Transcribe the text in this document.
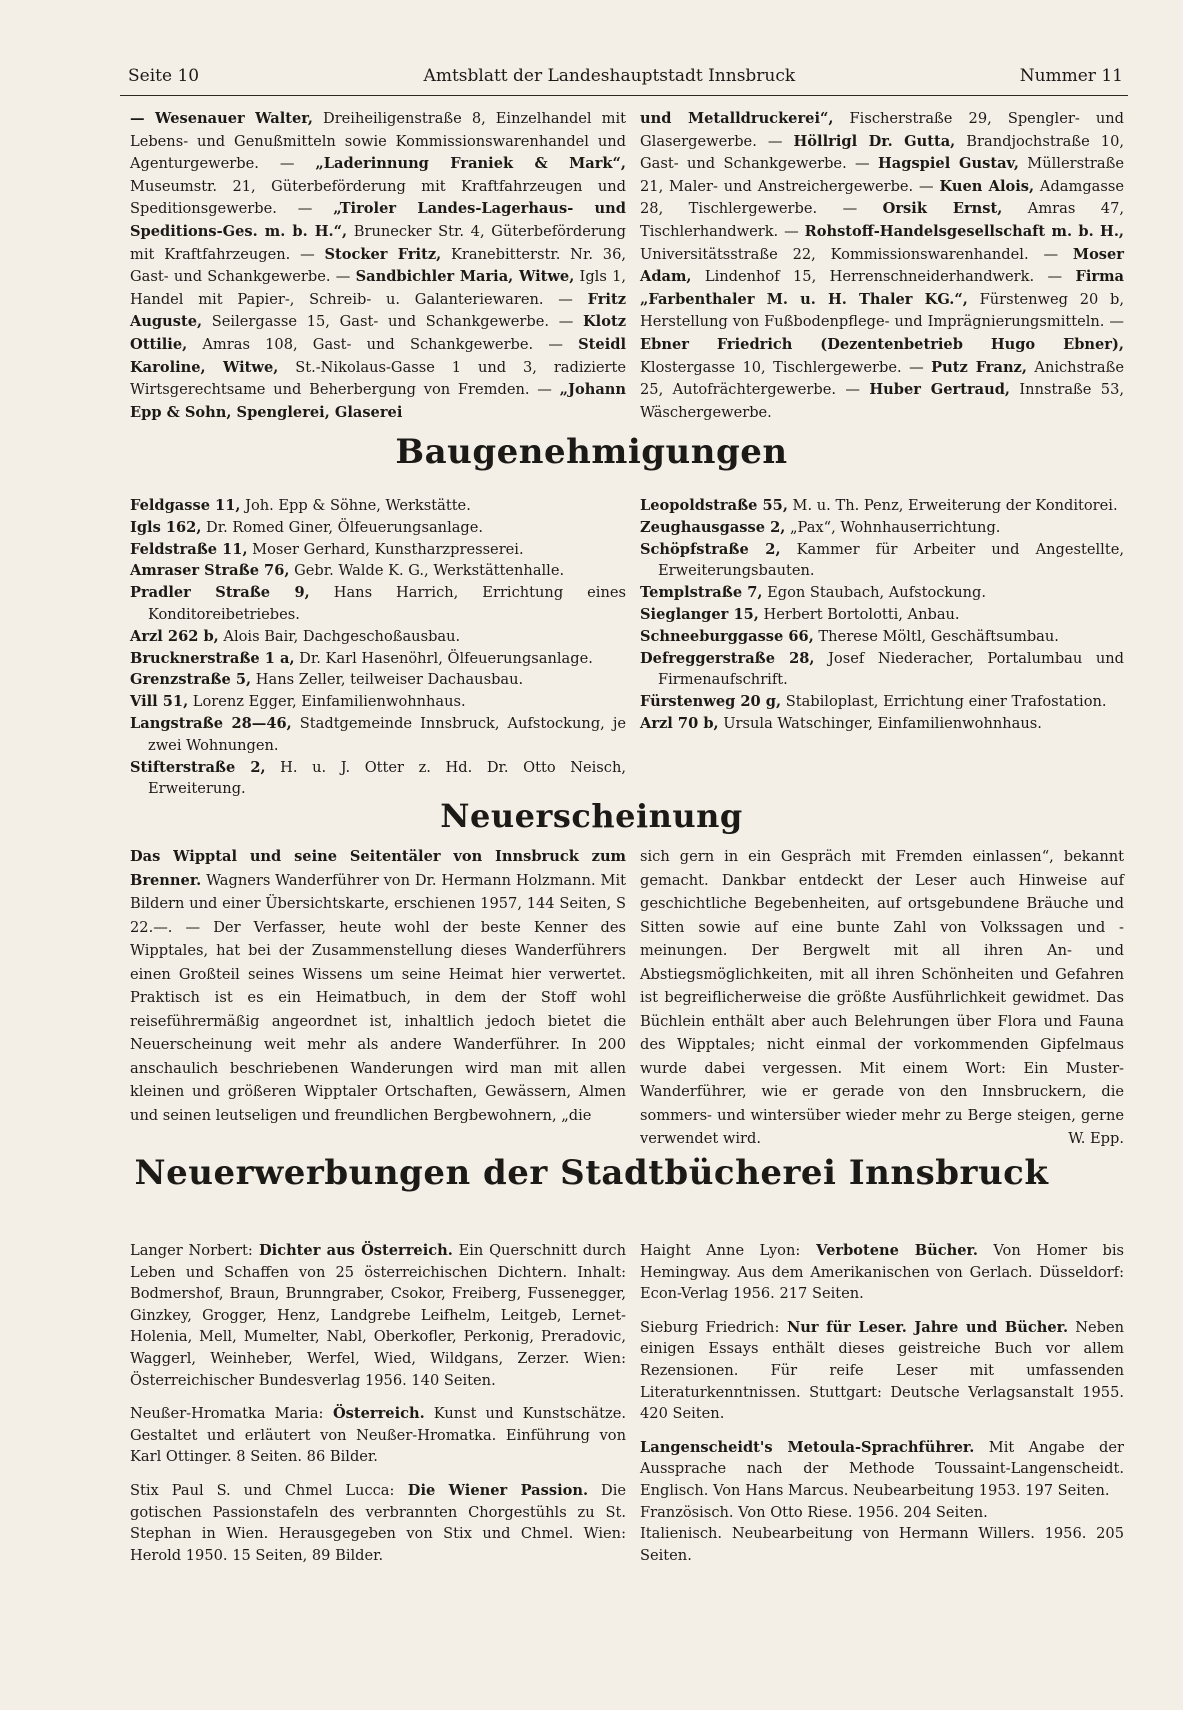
Seite 10	Amtsblatt der Landeshauptstadt Innsbruck	Nummer 11

— Wesenauer Walter, Dreiheiligenstraße 8, Einzelhandel mit Lebens- und Genußmitteln sowie Kommissionswarenhandel und Agenturgewerbe. — „Laderinnung Franiek & Mark“, Museumstr. 21, Güterbeförderung mit Kraftfahrzeugen und Speditionsgewerbe. — „Tiroler Landes-Lagerhaus- und Speditions-Ges. m. b. H.“, Brunecker Str. 4, Güterbeförderung mit Kraftfahrzeugen. — Stocker Fritz, Kranebitterstr. Nr. 36, Gast- und Schankgewerbe. — Sandbichler Maria, Witwe, Igls 1, Handel mit Papier-, Schreib- u. Galanteriewaren. — Fritz Auguste, Seilergasse 15, Gast- und Schankgewerbe. — Klotz Ottilie, Amras 108, Gast- und Schankgewerbe. — Steidl Karoline, Witwe, St.-Nikolaus-Gasse 1 und 3, radizierte Wirtsgerechtsame und Beherbergung von Fremden. — „Johann Epp & Sohn, Spenglerei, Glaserei

und Metalldruckerei“, Fischerstraße 29, Spengler- und Glasergewerbe. — Höllrigl Dr. Gutta, Brandjochstraße 10, Gast- und Schankgewerbe. — Hagspiel Gustav, Müllerstraße 21, Maler- und Anstreichergewerbe. — Kuen Alois, Adamgasse 28, Tischlergewerbe. — Orsik Ernst, Amras 47, Tischlerhandwerk. — Rohstoff-Handelsgesellschaft m. b. H., Universitätsstraße 22, Kommissionswarenhandel. — Moser Adam, Lindenhof 15, Herrenschneiderhandwerk. — Firma „Farbenthaler M. u. H. Thaler KG.“, Fürstenweg 20 b, Herstellung von Fußbodenpflege- und Imprägnierungsmitteln. — Ebner Friedrich (Dezentenbetrieb Hugo Ebner), Klostergasse 10, Tischlergewerbe. — Putz Franz, Anichstraße 25, Autofrächtergewerbe. — Huber Gertraud, Innstraße 53, Wäschergewerbe.

Baugenehmigungen

Feldgasse 11, Joh. Epp & Söhne, Werkstätte.

Igls 162, Dr. Romed Giner, Ölfeuerungsanlage.

Feldstraße 11, Moser Gerhard, Kunstharzpresserei.

Amraser Straße 76, Gebr. Walde K. G., Werkstättenhalle.

Pradler Straße 9, Hans Harrich, Errichtung eines Konditoreibetriebes.

Arzl 262 b, Alois Bair, Dachgeschoßausbau.

Brucknerstraße 1 a, Dr. Karl Hasenöhrl, Ölfeuerungsanlage.

Grenzstraße 5, Hans Zeller, teilweiser Dachausbau.

Vill 51, Lorenz Egger, Einfamilienwohnhaus.

Langstraße 28—46, Stadtgemeinde Innsbruck, Aufstockung, je zwei Wohnungen.

Stifterstraße 2, H. u. J. Otter z. Hd. Dr. Otto Neisch, Erweiterung.

Leopoldstraße 55, M. u. Th. Penz, Erweiterung der Konditorei.

Zeughausgasse 2, „Pax“, Wohnhauserrichtung.

Schöpfstraße 2, Kammer für Arbeiter und Angestellte, Erweiterungsbauten.

Templstraße 7, Egon Staubach, Aufstockung.

Sieglanger 15, Herbert Bortolotti, Anbau.

Schneeburggasse 66, Therese Möltl, Geschäftsumbau.

Defreggerstraße 28, Josef Niederacher, Portalumbau und Firmenaufschrift.

Fürstenweg 20 g, Stabiloplast, Errichtung einer Trafostation.

Arzl 70 b, Ursula Watschinger, Einfamilienwohnhaus.

Neuerscheinung

Das Wipptal und seine Seitentäler von Innsbruck zum Brenner. Wagners Wanderführer von Dr. Hermann Holzmann. Mit Bildern und einer Übersichtskarte, erschienen 1957, 144 Seiten, S 22.—. — Der Verfasser, heute wohl der beste Kenner des Wipptales, hat bei der Zusammenstellung dieses Wanderführers einen Großteil seines Wissens um seine Heimat hier verwertet. Praktisch ist es ein Heimatbuch, in dem der Stoff wohl reiseführermäßig angeordnet ist, inhaltlich jedoch bietet die Neuerscheinung weit mehr als andere Wanderführer. In 200 anschaulich beschriebenen Wanderungen wird man mit allen kleinen und größeren Wipptaler Ortschaften, Gewässern, Almen und seinen leutseligen und freundlichen Bergbewohnern, „die

sich gern in ein Gespräch mit Fremden einlassen“, bekannt gemacht. Dankbar entdeckt der Leser auch Hinweise auf geschichtliche Begebenheiten, auf ortsgebundene Bräuche und Sitten sowie auf eine bunte Zahl von Volkssagen und -meinungen. Der Bergwelt mit all ihren An- und Abstiegsmöglichkeiten, mit all ihren Schönheiten und Gefahren ist begreiflicherweise die größte Ausführlichkeit gewidmet. Das Büchlein enthält aber auch Belehrungen über Flora und Fauna des Wipptales; nicht einmal der vorkommenden Gipfelmaus wurde dabei vergessen. Mit einem Wort: Ein Muster-Wanderführer, wie er gerade von den Innsbruckern, die sommers- und wintersüber wieder mehr zu Berge steigen, gerne verwendet wird.	W. Epp.

Neuerwerbungen der Stadtbücherei Innsbruck

Langer Norbert: Dichter aus Österreich. Ein Querschnitt durch Leben und Schaffen von 25 österreichischen Dichtern. Inhalt: Bodmershof, Braun, Brunngraber, Csokor, Freiberg, Fussenegger, Ginzkey, Grogger, Henz, Landgrebe Leifhelm, Leitgeb, Lernet-Holenia, Mell, Mumelter, Nabl, Oberkofler, Perkonig, Preradovic, Waggerl, Weinheber, Werfel, Wied, Wildgans, Zerzer. Wien: Österreichischer Bundesverlag 1956. 140 Seiten.

Neußer-Hromatka Maria: Österreich. Kunst und Kunstschätze. Gestaltet und erläutert von Neußer-Hromatka. Einführung von Karl Ottinger. 8 Seiten. 86 Bilder.

Stix Paul S. und Chmel Lucca: Die Wiener Passion. Die gotischen Passionstafeln des verbrannten Chorgestühls zu St. Stephan in Wien. Herausgegeben von Stix und Chmel. Wien: Herold 1950. 15 Seiten, 89 Bilder.

Haight Anne Lyon: Verbotene Bücher. Von Homer bis Hemingway. Aus dem Amerikanischen von Gerlach. Düsseldorf: Econ-Verlag 1956. 217 Seiten.

Sieburg Friedrich: Nur für Leser. Jahre und Bücher. Neben einigen Essays enthält dieses geistreiche Buch vor allem Rezensionen. Für reife Leser mit umfassenden Literaturkenntnissen. Stuttgart: Deutsche Verlagsanstalt 1955. 420 Seiten.

Langenscheidt's Metoula-Sprachführer. Mit Angabe der Aussprache nach der Methode Toussaint-Langenscheidt. Englisch. Von Hans Marcus. Neubearbeitung 1953. 197 Seiten.

Französisch. Von Otto Riese. 1956. 204 Seiten.

Italienisch. Neubearbeitung von Hermann Willers. 1956. 205 Seiten.
